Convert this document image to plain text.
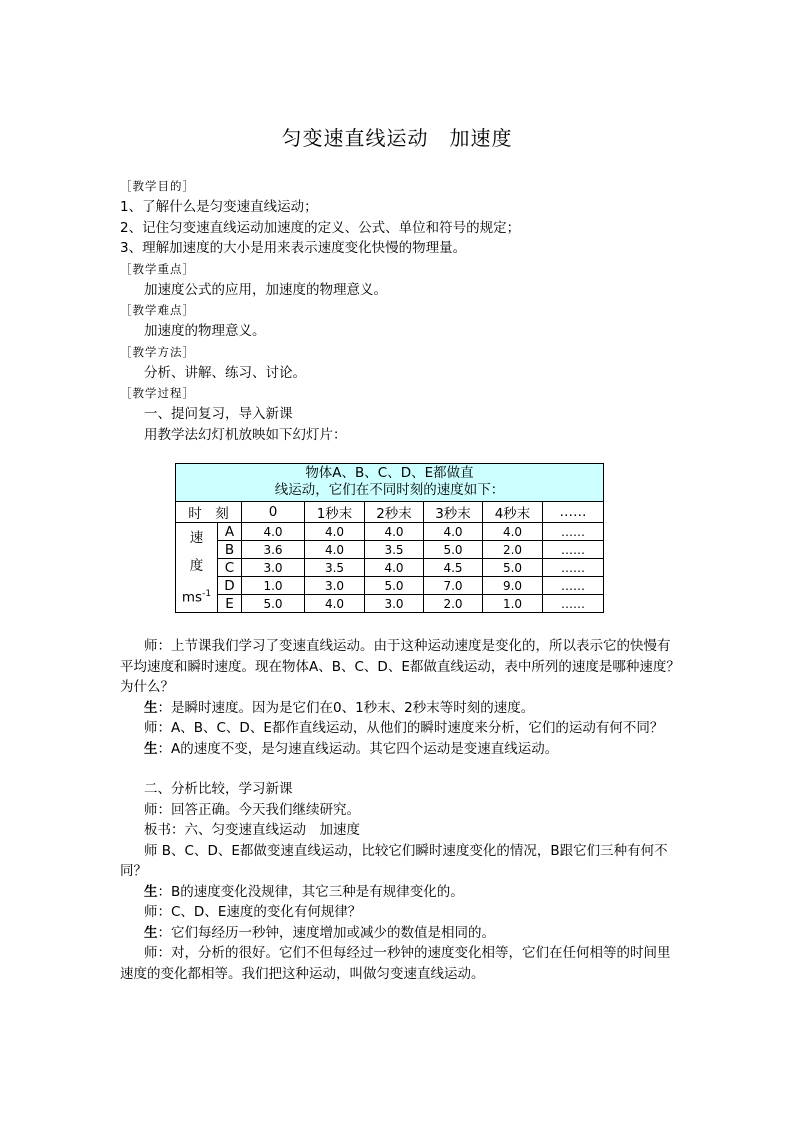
匀变速直线运动　加速度
［教学目的］
1、了解什么是匀变速直线运动；
2、记住匀变速直线运动加速度的定义、公式、单位和符号的规定；
3、理解加速度的大小是用来表示速度变化快慢的物理量。
［教学重点］
加速度公式的应用，加速度的物理意义。
［教学难点］
加速度的物理意义。
［教学方法］
分析、讲解、练习、讨论。
［教学过程］
一、提问复习，导入新课
用教学法幻灯机放映如下幻灯片：
物体A、B、C、D、E都做直
线运动，它们在不同时刻的速度如下：							

时　刻		0	1秒末	2秒末	3秒末	4秒末	……

速
度
$ms^{-1}$	A	4.0	4.0	4.0	4.0	4.0	……
	B	3.6	4.0	3.5	5.0	2.0	……
	C	3.0	3.5	4.0	4.5	5.0	……
	D	1.0	3.0	5.0	7.0	9.0	……
	E	5.0	4.0	3.0	2.0	1.0	……
师：上节课我们学习了变速直线运动。由于这种运动速度是变化的，所以表示它的快慢有平均速度和瞬时速度。现在物体A、B、C、D、E都做直线运动，表中所列的速度是哪种速度？为什么？
生：是瞬时速度。因为是它们在0、1秒末、2秒末等时刻的速度。
师：A、B、C、D、E都作直线运动，从他们的瞬时速度来分析，它们的运动有何不同？
生：A的速度不变，是匀速直线运动。其它四个运动是变速直线运动。
二、分析比较，学习新课
师：回答正确。今天我们继续研究。
板书：六、匀变速直线运动　加速度
师 B、C、D、E都做变速直线运动，比较它们瞬时速度变化的情况，B跟它们三种有何不同？
生：B的速度变化没规律，其它三种是有规律变化的。
师：C、D、E速度的变化有何规律？
生：它们每经历一秒钟，速度增加或减少的数值是相同的。
师：对，分析的很好。它们不但每经过一秒钟的速度变化相等，它们在任何相等的时间里速度的变化都相等。我们把这种运动，叫做匀变速直线运动。
